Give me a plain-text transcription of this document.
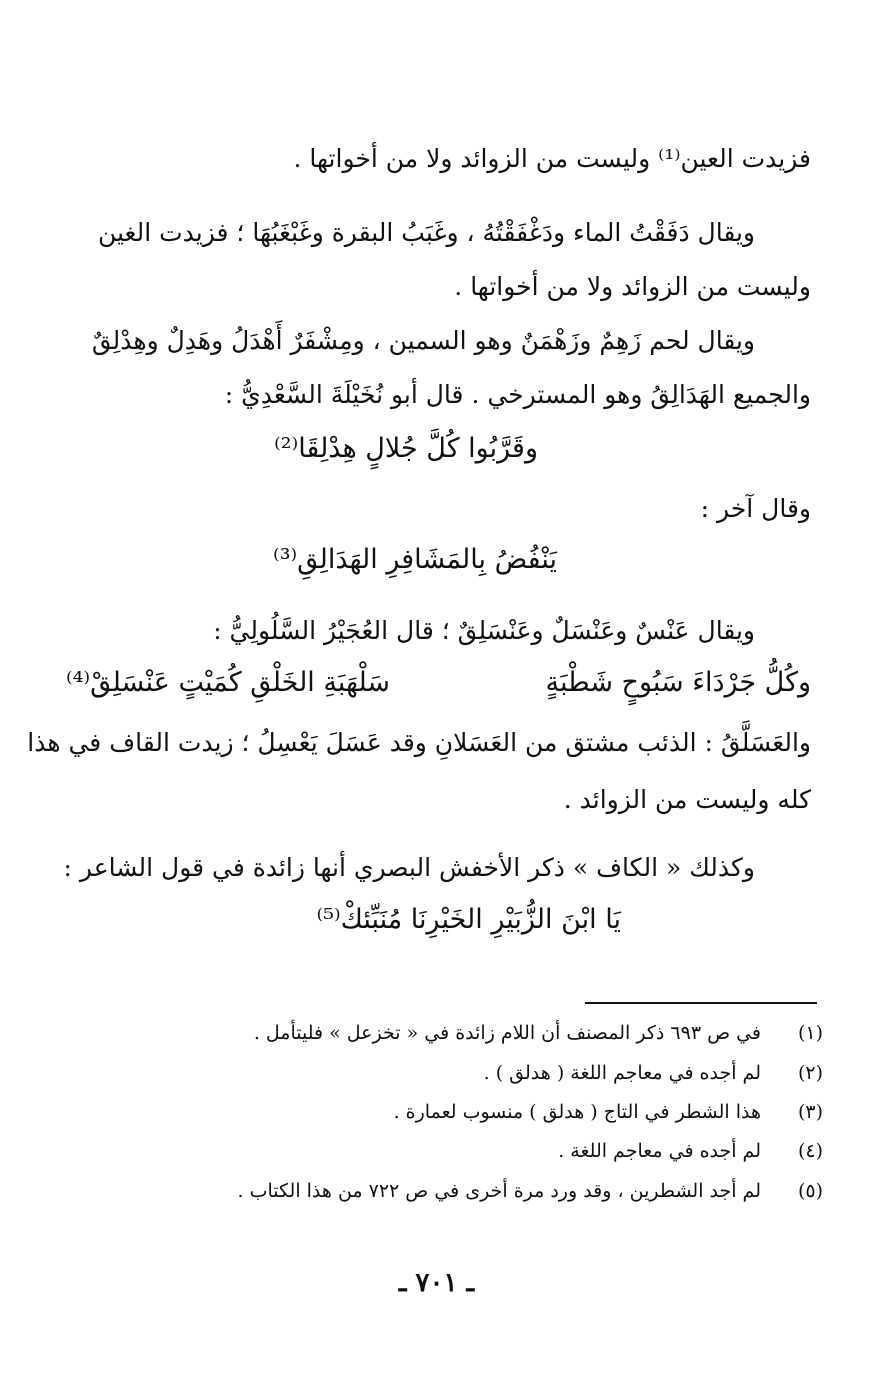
فزيدت العين⁽¹⁾ وليست من الزوائد ولا من أخواتها .
ويقال دَفَقْتُ الماء ودَغْفَقْتُهُ ، وغَبَبُ البقرة وغَبْغَبُهَا ؛ فزيدت الغين
وليست من الزوائد ولا من أخواتها .
ويقال لحم زَهِمٌ وزَهْمَنٌ وهو السمين ، ومِشْفَرٌ أَهْدَلُ وهَدِلٌ وهِدْلِقٌ
والجميع الهَدَالِقُ وهو المسترخي . قال أبو نُخَيْلَةَ السَّعْدِيُّ :
وقَرَّبُوا كُلَّ جُلالٍ هِدْلِقَا⁽²⁾
وقال آخر :
يَنْفُضُ بِالمَشَافِرِ الهَدَالِقِ⁽³⁾
ويقال عَنْسٌ وعَنْسَلٌ وعَنْسَلِقٌ ؛ قال العُجَيْرُ السَّلُولِيُّ :
وكُلُّ جَرْدَاءَ سَبُوحٍ شَطْبَةٍ
سَلْهَبَةِ الخَلْقِ كُمَيْتٍ عَنْسَلِقْ⁽⁴⁾
والعَسَلَّقُ : الذئب مشتق من العَسَلانِ وقد عَسَلَ يَعْسِلُ ؛ زيدت القاف في هذا
كله وليست من الزوائد .
وكذلك « الكاف » ذكر الأخفش البصري أنها زائدة في قول الشاعر :
يَا ابْنَ الزُّبَيْرِ الخَيْرِنَا مُنَبِّئكْ⁽⁵⁾
(١)
في ص ٦٩٣ ذكر المصنف أن اللام زائدة في « تخزعل » فليتأمل .
(٢)
لم أجده في معاجم اللغة ( هدلق ) .
(٣)
هذا الشطر في التاج ( هدلق ) منسوب لعمارة .
(٤)
لم أجده في معاجم اللغة .
(٥)
لم أجد الشطرين ، وقد ورد مرة أخرى في ص ٧٢٢ من هذا الكتاب .
ـ ٧٠١ ـ
